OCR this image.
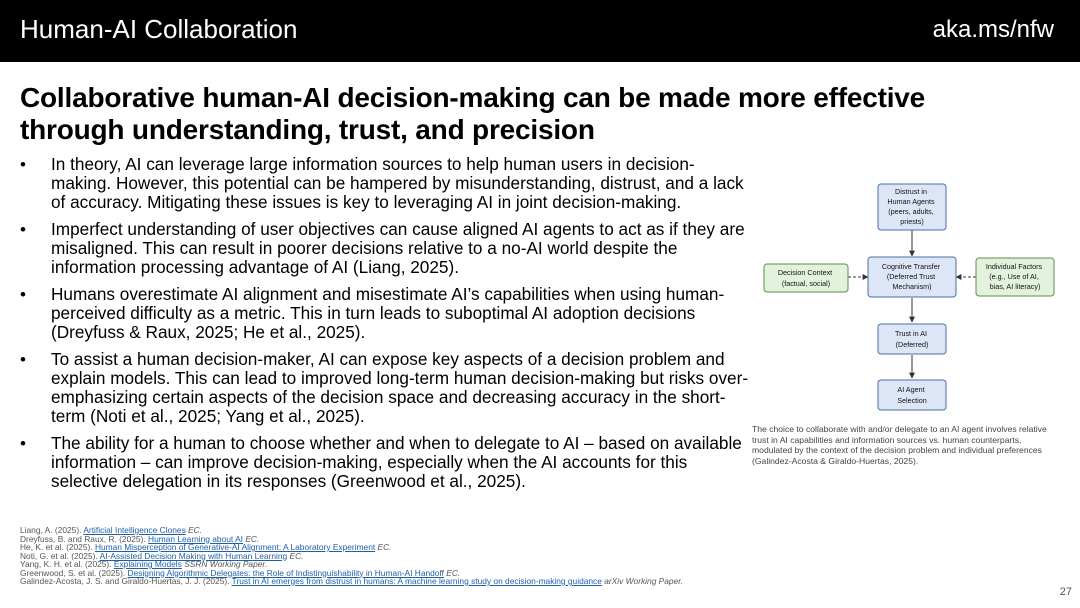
Human-AI Collaboration	aka.ms/nfw
Collaborative human-AI decision-making can be made more effective
through understanding, trust, and precision
• In theory, AI can leverage large information sources to help human users in decision-making. However, this potential can be hampered by misunderstanding, distrust, and a lack of accuracy. Mitigating these issues is key to leveraging AI in joint decision-making.
• Imperfect understanding of user objectives can cause aligned AI agents to act as if they are misaligned. This can result in poorer decisions relative to a no-AI world despite the information processing advantage of AI (Liang, 2025).
• Humans overestimate AI alignment and misestimate AI’s capabilities when using human-perceived difficulty as a metric. This in turn leads to suboptimal AI adoption decisions (Dreyfuss & Raux, 2025; He et al., 2025).
• To assist a human decision-maker, AI can expose key aspects of a decision problem and explain models. This can lead to improved long-term human decision-making but risks over-emphasizing certain aspects of the decision space and decreasing accuracy in the short-term (Noti et al., 2025; Yang et al., 2025).
• The ability for a human to choose whether and when to delegate to AI – based on available information – can improve decision-making, especially when the AI accounts for this selective delegation in its responses (Greenwood et al., 2025).
Distrust in Human Agents (peers, adults, priests)
Decision Context (factual, social)
Cognitive Transfer (Deferred Trust Mechanism)
Individual Factors (e.g., Use of AI, bias, AI literacy)
Trust in AI (Deferred)
AI Agent Selection
The choice to collaborate with and/or delegate to an AI agent involves relative trust in AI capabilities and information sources vs. human counterparts, modulated by the context of the decision problem and individual preferences (Galindez-Acosta & Giraldo-Huertas, 2025).
Liang, A. (2025). Artificial Intelligence Clones EC.
Dreyfuss, B. and Raux, R. (2025). Human Learning about AI EC.
He, K. et al. (2025). Human Misperception of Generative-AI Alignment: A Laboratory Experiment EC.
Noti, G. et al. (2025). AI-Assisted Decision Making with Human Learning EC.
Yang, K. H. et al. (2025). Explaining Models SSRN Working Paper.
Greenwood, S. et al. (2025). Designing Algorithmic Delegates: the Role of Indistinguishability in Human-AI Handoff EC.
Galindez-Acosta, J. S. and Giraldo-Huertas, J. J. (2025). Trust in AI emerges from distrust in humans: A machine learning study on decision-making guidance arXiv Working Paper.
27
